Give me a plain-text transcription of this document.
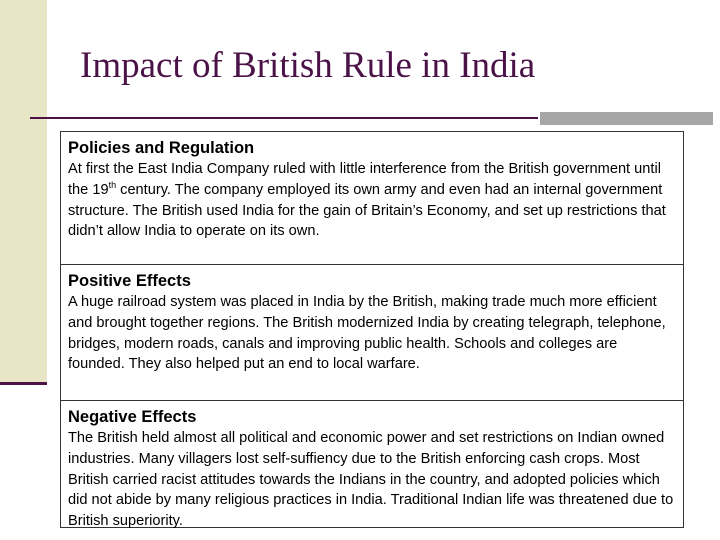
Impact of British Rule in India
Policies and Regulation
At first the East India Company ruled with little interference from the British government until the 19th century. The company employed its own army and even had an internal government structure. The British used India for the gain of Britain’s Economy, and set up restrictions that didn’t allow India to operate on its own.
Positive Effects
A huge railroad system was placed in India by the British, making trade much more efficient and brought together regions. The British modernized India by creating telegraph, telephone, bridges, modern roads, canals and improving public health. Schools and colleges are founded. They also helped put an end to local warfare.
Negative Effects
The British held almost all political and economic power and set restrictions on Indian owned industries. Many villagers lost self-suffiency due to the British enforcing cash crops. Most British carried racist attitudes towards the Indians in the country, and adopted policies which did not abide by many religious practices in India. Traditional Indian life was threatened due to British superiority.
